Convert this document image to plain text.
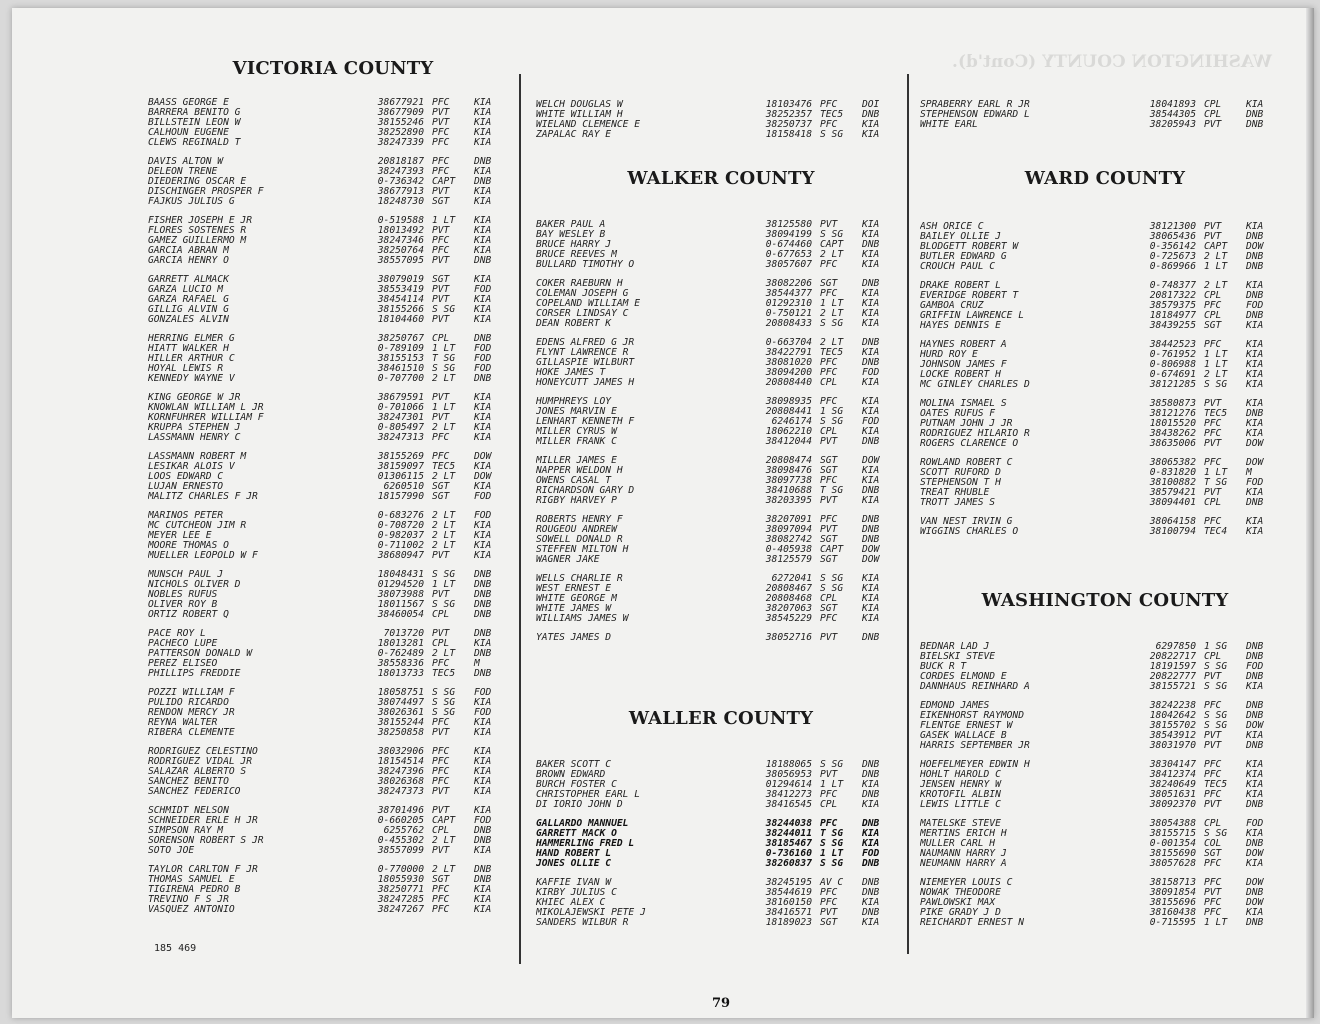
WASHINGTON COUNTY (Cont'd).
VICTORIA COUNTY
BAASS GEORGE E	38677921 PFC	KIA
BARRERA BENITO G	38677909 PVT	KIA
BILLSTEIN LEON W	38155246 PVT	KIA
CALHOUN EUGENE	38252890 PFC	KIA
CLEWS REGINALD T	38247339 PFC	KIA
DAVIS ALTON W	20818187 PFC	DNB
DELEON TRENE	38247393 PFC	KIA
DIEDERING OSCAR E	0-736342 CAPT	DNB
DISCHINGER PROSPER F	38677913 PVT	KIA
FAJKUS JULIUS G	18248730 SGT	KIA
FISHER JOSEPH E JR	0-519588 1 LT	KIA
FLORES SOSTENES R	18013492 PVT	KIA
GAMEZ GUILLERMO M	38247346 PFC	KIA
GARCIA ABRAN M	38250764 PFC	KIA
GARCIA HENRY O	38557095 PVT	DNB
GARRETT ALMACK	38079019 SGT	KIA
GARZA LUCIO M	38553419 PVT	FOD
GARZA RAFAEL G	38454114 PVT	KIA
GILLIG ALVIN G	38155266 S SG	KIA
GONZALES ALVIN	18104460 PVT	KIA
HERRING ELMER G	38250767 CPL	DNB
HIATT WALKER H	0-789109 1 LT	FOD
HILLER ARTHUR C	38155153 T SG	FOD
HOYAL LEWIS R	38461510 S SG	FOD
KENNEDY WAYNE V	0-707700 2 LT	DNB
KING GEORGE W JR	38679591 PVT	KIA
KNOWLAN WILLIAM L JR	0-701066 1 LT	KIA
KORNFUHRER WILLIAM F	38247301 PVT	KIA
KRUPPA STEPHEN J	0-805497 2 LT	KIA
LASSMANN HENRY C	38247313 PFC	KIA
LASSMANN ROBERT M	38155269 PFC	DOW
LESIKAR ALOIS V	38159097 TEC5	KIA
LOOS EDWARD C	01306115 2 LT	DOW
LUJAN ERNESTO	6260510 SGT	KIA
MALITZ CHARLES F JR	18157990 SGT	FOD
MARINOS PETER	0-683276 2 LT	FOD
MC CUTCHEON JIM R	0-708720 2 LT	KIA
MEYER LEE E	0-982037 2 LT	KIA
MOORE THOMAS O	0-711002 2 LT	KIA
MUELLER LEOPOLD W F	38680947 PVT	KIA
MUNSCH PAUL J	18048431 S SG	DNB
NICHOLS OLIVER D	01294520 1 LT	DNB
NOBLES RUFUS	38073988 PVT	DNB
OLIVER ROY B	18011567 S SG	DNB
ORTIZ ROBERT Q	38460054 CPL	DNB
PACE ROY L	7013720 PVT	DNB
PACHECO LUPE	18013281 CPL	KIA
PATTERSON DONALD W	0-762489 2 LT	DNB
PEREZ ELISEO	38558336 PFC	M
PHILLIPS FREDDIE	18013733 TEC5	DNB
POZZI WILLIAM F	18058751 S SG	FOD
PULIDO RICARDO	38074497 S SG	KIA
RENDON MERCY JR	38026361 S SG	FOD
REYNA WALTER	38155244 PFC	KIA
RIBERA CLEMENTE	38250858 PVT	KIA
RODRIGUEZ CELESTINO	38032906 PFC	KIA
RODRIGUEZ VIDAL JR	18154514 PFC	KIA
SALAZAR ALBERTO S	38247396 PFC	KIA
SANCHEZ BENITO	38026368 PFC	KIA
SANCHEZ FEDERICO	38247373 PVT	KIA
SCHMIDT NELSON	38701496 PVT	KIA
SCHNEIDER ERLE H JR	0-660205 CAPT	FOD
SIMPSON RAY M	6255762 CPL	DNB
SORENSON ROBERT S JR	0-455302 2 LT	DNB
SOTO JOE	38557099 PVT	KIA
TAYLOR CARLTON F JR	0-770000 2 LT	DNB
THOMAS SAMUEL E	18055930 SGT	DNB
TIGIRENA PEDRO B	38250771 PFC	KIA
TREVINO F S JR	38247285 PFC	KIA
VASQUEZ ANTONIO	38247267 PFC	KIA
WELCH DOUGLAS W	18103476 PFC	DOI
WHITE WILLIAM H	38252357 TEC5	DNB
WIELAND CLEMENCE E	38250737 PFC	KIA
ZAPALAC RAY E	18158418 S SG	KIA
WALKER COUNTY
BAKER PAUL A	38125580 PVT	KIA
BAY WESLEY B	38094199 S SG	KIA
BRUCE HARRY J	0-674460 CAPT	DNB
BRUCE REEVES M	0-677653 2 LT	KIA
BULLARD TIMOTHY O	38057607 PFC	KIA
COKER RAEBURN H	38082206 SGT	DNB
COLEMAN JOSEPH G	38544377 PFC	KIA
COPELAND WILLIAM E	01292310 1 LT	KIA
CORSER LINDSAY C	0-750121 2 LT	KIA
DEAN ROBERT K	20808433 S SG	KIA
EDENS ALFRED G JR	0-663704 2 LT	DNB
FLYNT LAWRENCE R	38422791 TEC5	KIA
GILLASPIE WILBURT	38081020 PFC	DNB
HOKE JAMES T	38094200 PFC	FOD
HONEYCUTT JAMES H	20808440 CPL	KIA
HUMPHREYS LOY	38098935 PFC	KIA
JONES MARVIN E	20808441 1 SG	KIA
LENHART KENNETH F	6246174 S SG	FOD
MILLER CYRUS W	18062210 CPL	KIA
MILLER FRANK C	38412044 PVT	DNB
MILLER JAMES E	20808474 SGT	DOW
NAPPER WELDON H	38098476 SGT	KIA
OWENS CASAL T	38097738 PFC	KIA
RICHARDSON GARY D	38410688 T SG	DNB
RIGBY HARVEY P	38203395 PVT	KIA
ROBERTS HENRY F	38207091 PFC	DNB
ROUGEOU ANDREW	38097094 PVT	DNB
SOWELL DONALD R	38082742 SGT	DNB
STEFFEN MILTON H	0-405938 CAPT	DOW
WAGNER JAKE	38125579 SGT	DOW
WELLS CHARLIE R	6272041 S SG	KIA
WEST ERNEST E	20808467 S SG	KIA
WHITE GEORGE M	20808468 CPL	KIA
WHITE JAMES W	38207063 SGT	KIA
WILLIAMS JAMES W	38545229 PFC	KIA
YATES JAMES D	38052716 PVT	DNB
WALLER COUNTY
BAKER SCOTT C	18188065 S SG	DNB
BROWN EDWARD	38056953 PVT	DNB
BURCH FOSTER C	01294614 1 LT	KIA
CHRISTOPHER EARL L	38412273 PFC	DNB
DI IORIO JOHN D	38416545 CPL	KIA
GALLARDO MANNUEL	38244038 PFC	DNB
GARRETT MACK O	38244011 T SG	KIA
HAMMERLING FRED L	38185467 S SG	KIA
HAND ROBERT L	0-736160 1 LT	FOD
JONES OLLIE C	38260837 S SG	DNB
KAFFIE IVAN W	38245195 AV C	DNB
KIRBY JULIUS C	38544619 PFC	DNB
KHIEC ALEX C	38160150 PFC	KIA
MIKOLAJEWSKI PETE J	38416571 PVT	DNB
SANDERS WILBUR R	18189023 SGT	KIA
SPRABERRY EARL R JR	18041893 CPL	KIA
STEPHENSON EDWARD L	38544305 CPL	DNB
WHITE EARL	38205943 PVT	DNB
WARD COUNTY
ASH ORICE C	38121300 PVT	KIA
BAILEY OLLIE J	38065436 PVT	DNB
BLODGETT ROBERT W	0-356142 CAPT	DOW
BUTLER EDWARD G	0-725673 2 LT	DNB
CROUCH PAUL C	0-869966 1 LT	DNB
DRAKE ROBERT L	0-748377 2 LT	KIA
EVERIDGE ROBERT T	20817322 CPL	DNB
GAMBOA CRUZ	38579375 PFC	FOD
GRIFFIN LAWRENCE L	18184977 CPL	DNB
HAYES DENNIS E	38439255 SGT	KIA
HAYNES ROBERT A	38442523 PFC	KIA
HURD ROY E	0-761952 1 LT	KIA
JOHNSON JAMES F	0-806988 1 LT	KIA
LOCKE ROBERT H	0-674691 2 LT	KIA
MC GINLEY CHARLES D	38121285 S SG	KIA
MOLINA ISMAEL S	38580873 PVT	KIA
OATES RUFUS F	38121276 TEC5	DNB
PUTNAM JOHN J JR	18015520 PFC	KIA
RODRIGUEZ HILARIO R	38438262 PFC	KIA
ROGERS CLARENCE O	38635006 PVT	DOW
ROWLAND ROBERT C	38065382 PFC	DOW
SCOTT RUFORD D	0-831820 1 LT	M
STEPHENSON T H	38100882 T SG	FOD
TREAT RHUBLE	38579421 PVT	KIA
TROTT JAMES S	38094401 CPL	DNB
VAN NEST IRVIN G	38064158 PFC	KIA
WIGGINS CHARLES O	38100794 TEC4	KIA
WASHINGTON COUNTY
BEDNAR LAD J	6297850 1 SG	DNB
BIELSKI STEVE	20822717 CPL	DNB
BUCK R T	18191597 S SG	FOD
CORDES ELMOND E	20822777 PVT	DNB
DANNHAUS REINHARD A	38155721 S SG	KIA
EDMOND JAMES	38242238 PFC	DNB
EIKENHORST RAYMOND	18042642 S SG	DNB
FLENTGE ERNEST W	38155702 S SG	DOW
GASEK WALLACE B	38543912 PVT	KIA
HARRIS SEPTEMBER JR	38031970 PVT	DNB
HOEFELMEYER EDWIN H	38304147 PFC	KIA
HOHLT HAROLD C	38412374 PFC	KIA
JENSEN HENRY W	38240649 TEC5	KIA
KROTOFIL ALBIN	38051631 PFC	KIA
LEWIS LITTLE C	38092370 PVT	DNB
MATELSKE STEVE	38054388 CPL	FOD
MERTINS ERICH H	38155715 S SG	KIA
MULLER CARL H	0-001354 COL	DNB
NAUMANN HARRY J	38155690 SGT	DOW
NEUMANN HARRY A	38057628 PFC	KIA
NIEMEYER LOUIS C	38158713 PFC	DOW
NOWAK THEODORE	38091854 PVT	DNB
PAWLOWSKI MAX	38155696 PFC	DOW
PIKE GRADY J D	38160438 PFC	KIA
REICHARDT ERNEST N	0-715595 1 LT	DNB
185 469
79
